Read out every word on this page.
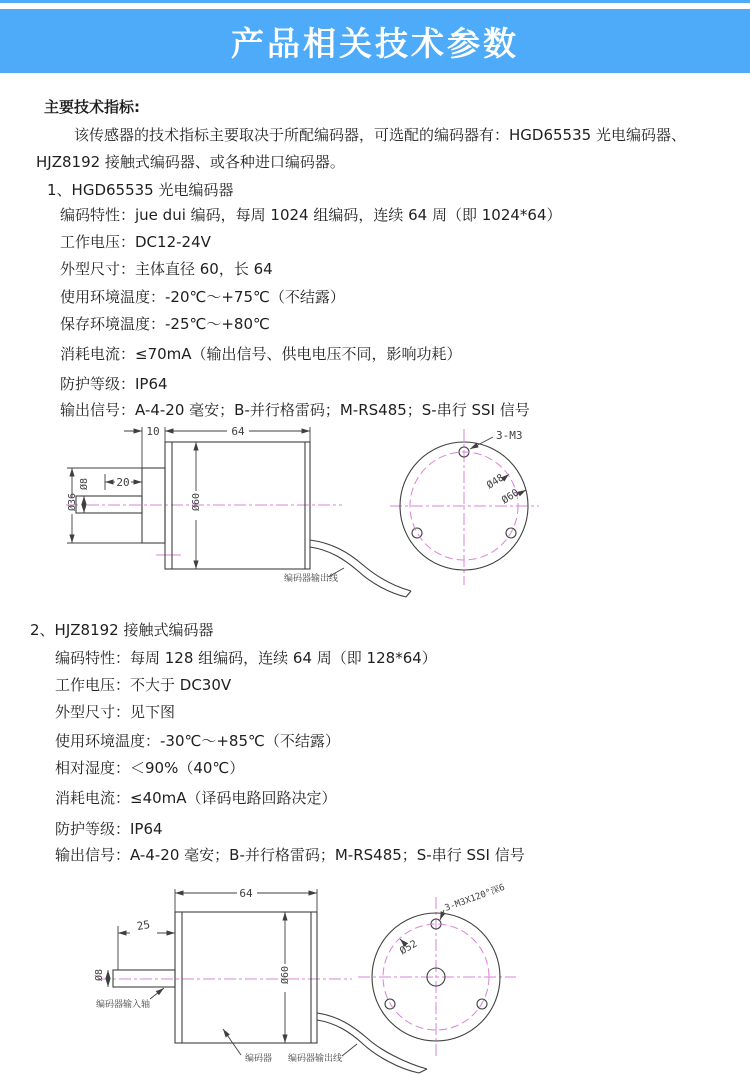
产品相关技术参数
主要技术指标:
该传感器的技术指标主要取决于所配编码器，可选配的编码器有：HGD65535 光电编码器、
HJZ8192 接触式编码器、或各种进口编码器。
1、HGD65535 光电编码器
编码特性：jue dui 编码，每周 1024 组编码，连续 64 周（即 1024*64）
工作电压：DC12-24V
外型尺寸：主体直径 60，长 64
使用环境温度：-20℃～+75℃（不结露）
保存环境温度：-25℃～+80℃
消耗电流：≤70mA（输出信号、供电电压不同，影响功耗）
防护等级：IP64
输出信号：A-4-20 毫安；B-并行格雷码；M-RS485；S-串行 SSI 信号
10	64
20
Ø8
Ø36	Ø60
3-M3
Ø48
Ø60
编码器输出线
2、HJZ8192 接触式编码器
编码特性：每周 128 组编码，连续 64 周（即 128*64）
工作电压：不大于 DC30V
外型尺寸：见下图
使用环境温度：-30℃～+85℃（不结露）
相对湿度：＜90%（40℃）
消耗电流：≤40mA（译码电路回路决定）
防护等级：IP64
输出信号：A-4-20 毫安；B-并行格雷码；M-RS485；S-串行 SSI 信号
64
25
Ø8	Ø60
3-M3X120°深6
Ø52
编码器输入轴
编码器 编码器输出线
